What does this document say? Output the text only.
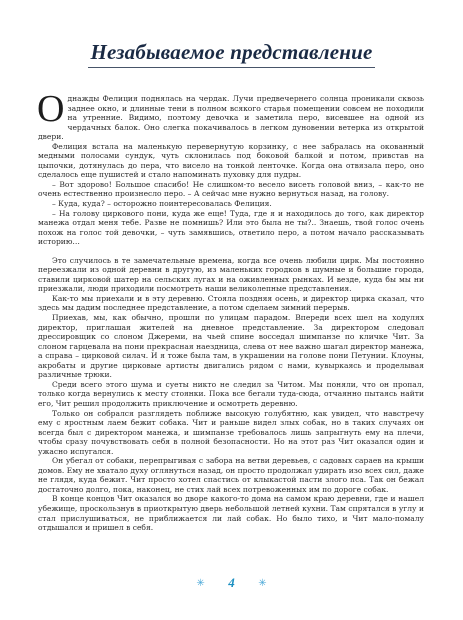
Незабываемое представление

Однажды Фелиция поднялась на чердак. Лучи предвечернего солнца проникали сквозь заднее окно, и длинные тени в полном всякого старья помещении совсем не походили на утренние. Видимо, поэтому девочка и заметила перо, висевшее на одной из чердачных балок. Оно слегка покачивалось в легком дуновении ветерка из открытой двери.

Фелиция встала на маленькую перевернутую корзинку, с нее забралась на окованный медными полосами сундук, чуть склонилась под боковой балкой и потом, привстав на цыпочки, дотянулась до пера, что висело на тонкой ленточке. Когда она отвязала перо, оно сделалось еще пушистей и стало напоминать пуховку для пудры.

– Вот здорово! Большое спасибо! Не слишком-то весело висеть головой вниз, – как-то не очень естественно произнесло перо. – А сейчас мне нужно вернуться назад, на голову.

– Куда, куда? – осторожно поинтересовалась Фелиция.

– На голову циркового пони, куда же еще! Туда, где я и находилось до того, как директор манежа отдал меня тебе. Разве не помнишь? Или это была не ты?.. Знаешь, твой голос очень похож на голос той девочки, – чуть замявшись, ответило перо, а потом начало рассказывать историю…

Это случилось в те замечательные времена, когда все очень любили цирк. Мы постоянно переезжали из одной деревни в другую, из маленьких городков в шумные и большие города, ставили цирковой шатер на сельских лугах и на оживленных рынках. И везде, куда бы мы ни приезжали, люди приходили посмотреть наши великолепные представления.

Как-то мы приехали и в эту деревню. Стояла поздняя осень, и директор цирка сказал, что здесь мы дадим последнее представление, а потом сделаем зимний перерыв.

Приехав, мы, как обычно, прошли по улицам парадом. Впереди всех шел на ходулях директор, приглашая жителей на дневное представление. За директором следовал дрессировщик со слоном Джереми, на чьей спине восседал шимпанзе по кличке Чит. За слоном гарцевала на пони прекрасная наездница, слева от нее важно шагал директор манежа, а справа – цирковой силач. И я тоже была там, в украшении на голове пони Петунии. Клоуны, акробаты и другие цирковые артисты двигались рядом с нами, кувыркаясь и проделывая различные трюки.

Среди всего этого шума и суеты никто не следил за Читом. Мы поняли, что он пропал, только когда вернулись к месту стоянки. Пока все бегали туда-сюда, отчаянно пытаясь найти его, Чит решил продолжить приключение и осмотреть деревню.

Только он собрался разглядеть поближе высокую голубятню, как увидел, что навстречу ему с яростным лаем бежит собака. Чит и раньше видел злых собак, но в таких случаях он всегда был с директором манежа, и шимпанзе требовалось лишь запрыгнуть ему на плечи, чтобы сразу почувствовать себя в полной безопасности. Но на этот раз Чит оказался один и ужасно испугался.

Он убегал от собаки, перепрыгивая с забора на ветви деревьев, с садовых сараев на крыши домов. Ему не хватало духу оглянуться назад, он просто продолжал удирать изо всех сил, даже не глядя, куда бежит. Чит просто хотел спастись от клыкастой пасти злого пса. Так он бежал достаточно долго, пока, наконец, не стих лай всех потревоженных им по дороге собак.

В конце концов Чит оказался во дворе какого-то дома на самом краю деревни, где и нашел убежище, проскользнув в приоткрытую дверь небольшой летней кухни. Там спрятался в углу и стал прислушиваться, не приближается ли лай собак. Но было тихо, и Чит мало-помалу отдышался и пришел в себя.

✳ 4 ✳
